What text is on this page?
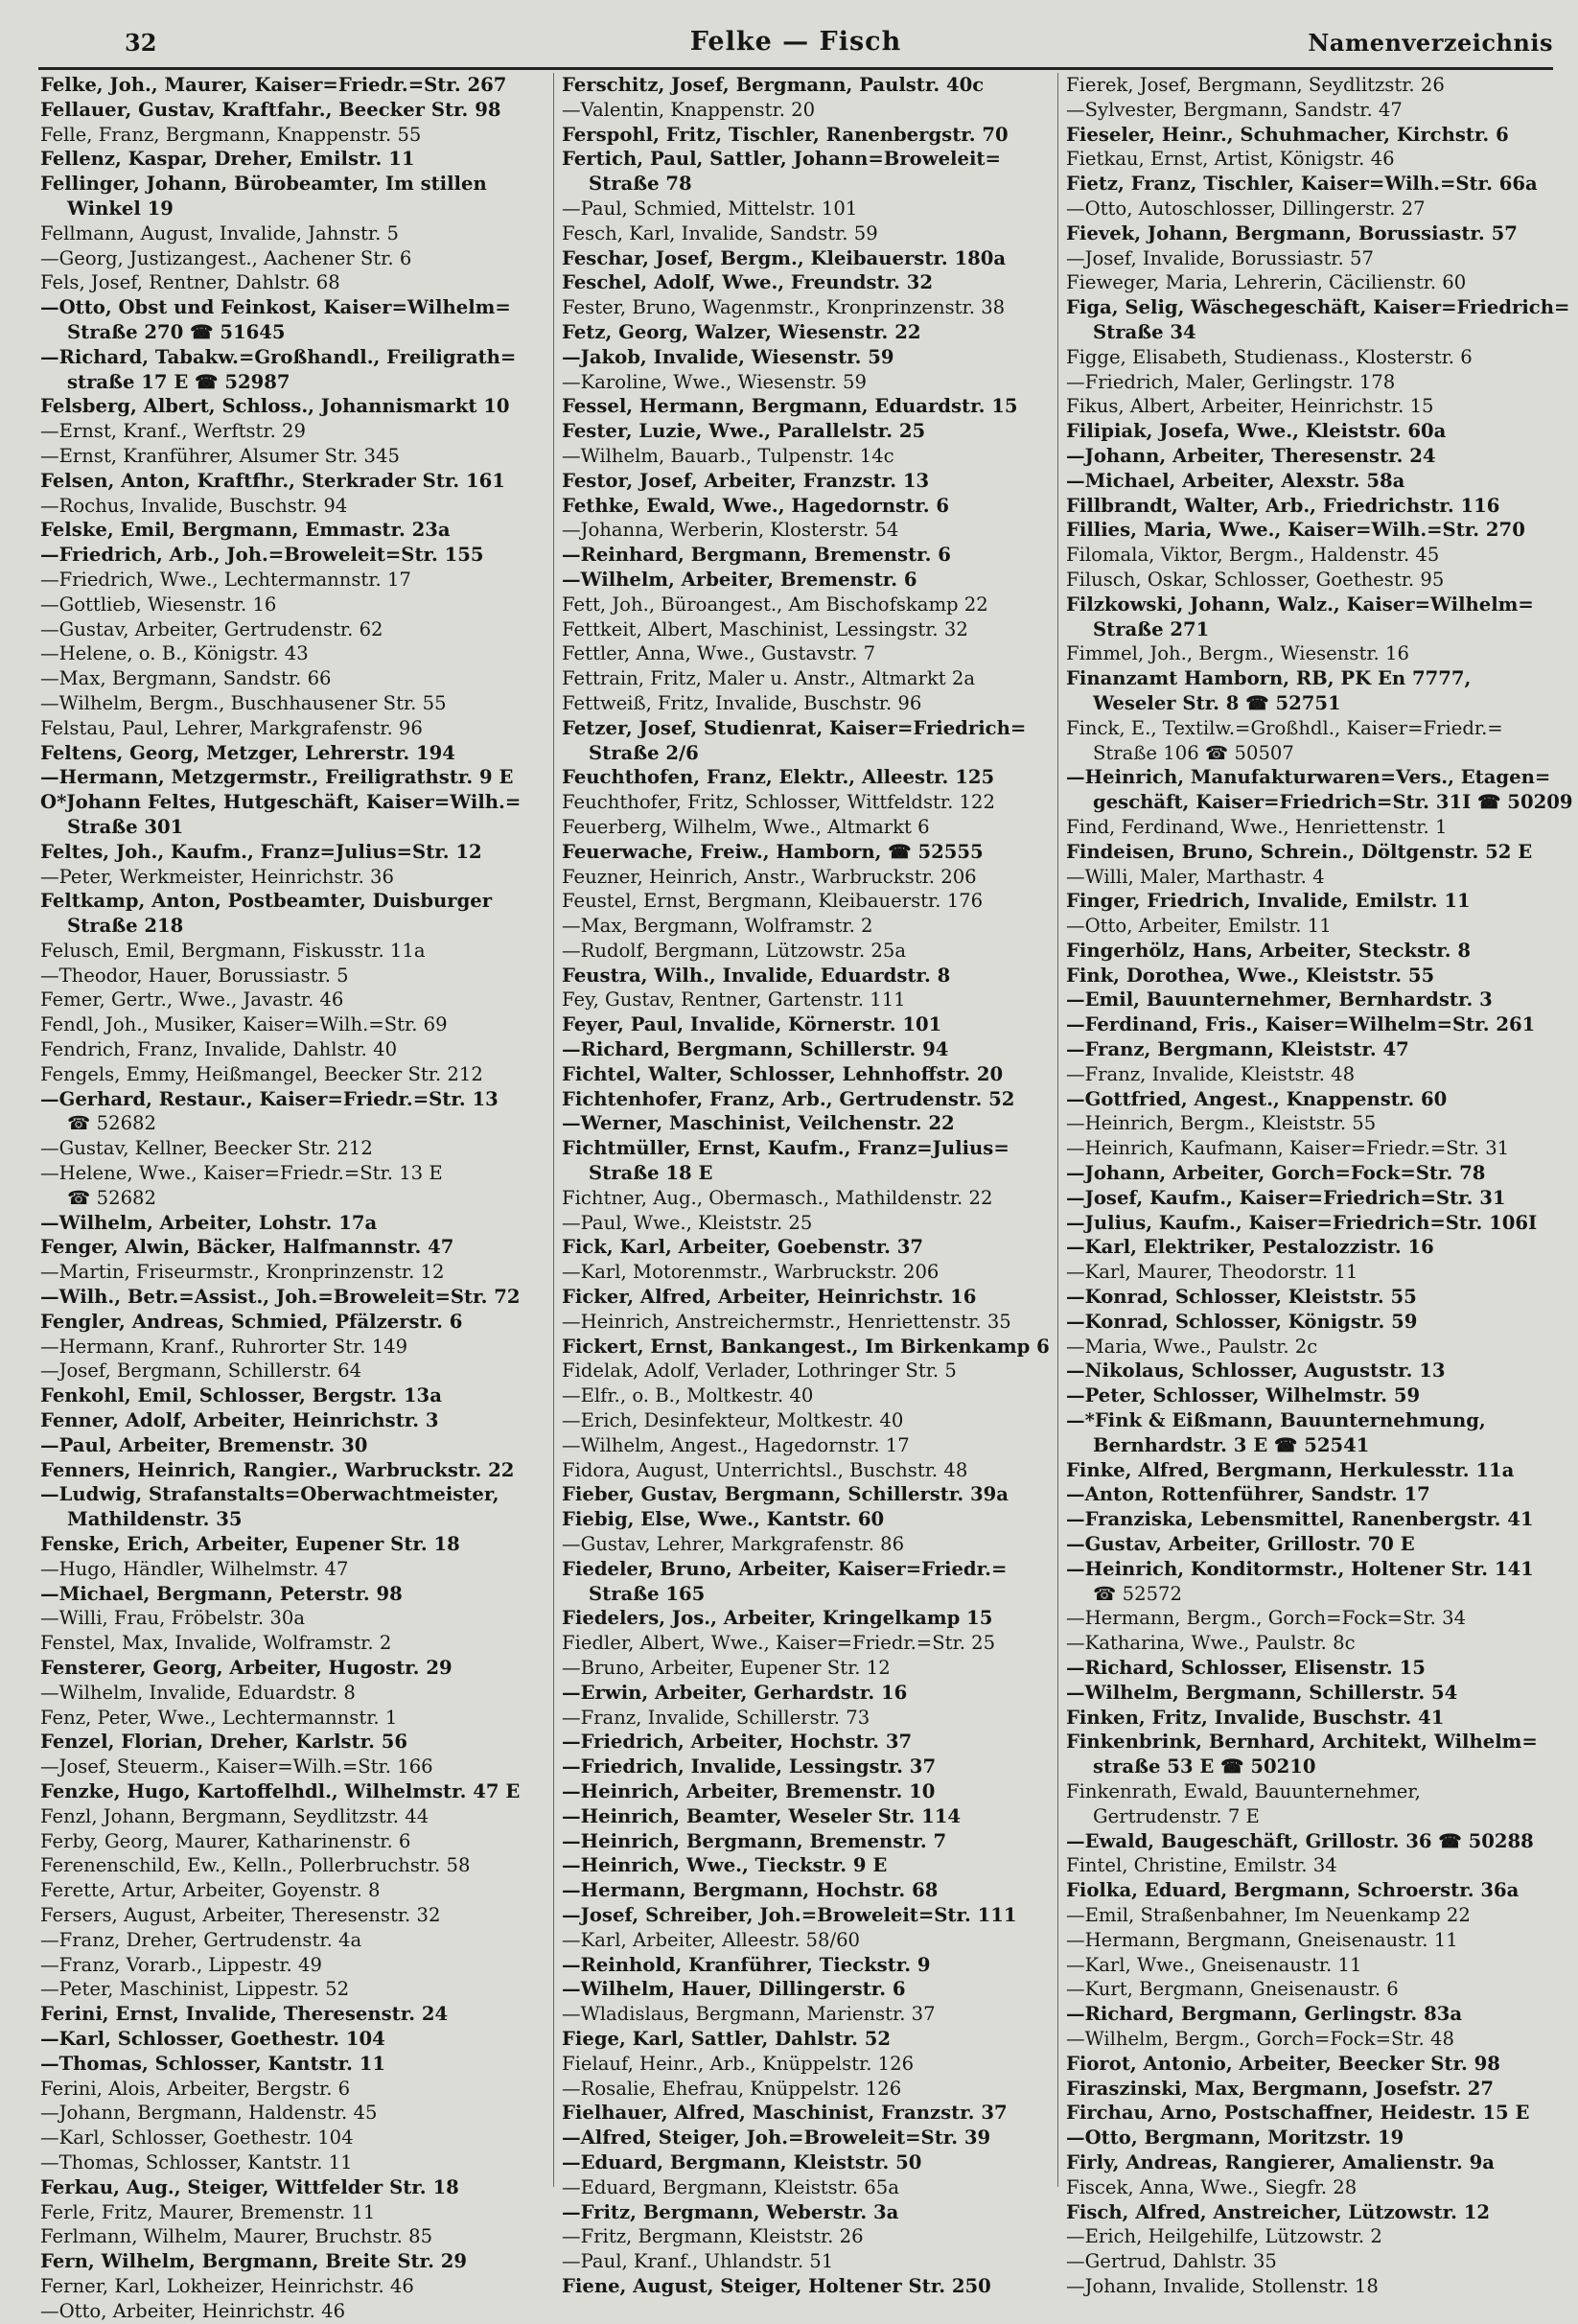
32	Felke — Fisch	Namenverzeichnis
Felke, Joh., Maurer, Kaiser=Friedr.=Str. 267
Fellauer, Gustav, Kraftfahr., Beecker Str. 98
Felle, Franz, Bergmann, Knappenstr. 55
Fellenz, Kaspar, Dreher, Emilstr. 11
Fellinger, Johann, Bürobeamter, Im stillen
Winkel 19
Fellmann, August, Invalide, Jahnstr. 5
—Georg, Justizangest., Aachener Str. 6
Fels, Josef, Rentner, Dahlstr. 68
—Otto, Obst und Feinkost, Kaiser=Wilhelm=
Straße 270 ☎ 51645
—Richard, Tabakw.=Großhandl., Freiligrath=
straße 17 E ☎ 52987
Felsberg, Albert, Schloss., Johannismarkt 10
—Ernst, Kranf., Werftstr. 29
—Ernst, Kranführer, Alsumer Str. 345
Felsen, Anton, Kraftfhr., Sterkrader Str. 161
—Rochus, Invalide, Buschstr. 94
Felske, Emil, Bergmann, Emmastr. 23a
—Friedrich, Arb., Joh.=Broweleit=Str. 155
—Friedrich, Wwe., Lechtermannstr. 17
—Gottlieb, Wiesenstr. 16
—Gustav, Arbeiter, Gertrudenstr. 62
—Helene, o. B., Königstr. 43
—Max, Bergmann, Sandstr. 66
—Wilhelm, Bergm., Buschhausener Str. 55
Felstau, Paul, Lehrer, Markgrafenstr. 96
Feltens, Georg, Metzger, Lehrerstr. 194
—Hermann, Metzgermstr., Freiligrathstr. 9 E
O*Johann Feltes, Hutgeschäft, Kaiser=Wilh.=
Straße 301
Feltes, Joh., Kaufm., Franz=Julius=Str. 12
—Peter, Werkmeister, Heinrichstr. 36
Feltkamp, Anton, Postbeamter, Duisburger
Straße 218
Felusch, Emil, Bergmann, Fiskusstr. 11a
—Theodor, Hauer, Borussiastr. 5
Femer, Gertr., Wwe., Javastr. 46
Fendl, Joh., Musiker, Kaiser=Wilh.=Str. 69
Fendrich, Franz, Invalide, Dahlstr. 40
Fengels, Emmy, Heißmangel, Beecker Str. 212
—Gerhard, Restaur., Kaiser=Friedr.=Str. 13
☎ 52682
—Gustav, Kellner, Beecker Str. 212
—Helene, Wwe., Kaiser=Friedr.=Str. 13 E
☎ 52682
—Wilhelm, Arbeiter, Lohstr. 17a
Fenger, Alwin, Bäcker, Halfmannstr. 47
—Martin, Friseurmstr., Kronprinzenstr. 12
—Wilh., Betr.=Assist., Joh.=Broweleit=Str. 72
Fengler, Andreas, Schmied, Pfälzerstr. 6
—Hermann, Kranf., Ruhrorter Str. 149
—Josef, Bergmann, Schillerstr. 64
Fenkohl, Emil, Schlosser, Bergstr. 13a
Fenner, Adolf, Arbeiter, Heinrichstr. 3
—Paul, Arbeiter, Bremenstr. 30
Fenners, Heinrich, Rangier., Warbruckstr. 22
—Ludwig, Strafanstalts=Oberwachtmeister,
Mathildenstr. 35
Fenske, Erich, Arbeiter, Eupener Str. 18
—Hugo, Händler, Wilhelmstr. 47
—Michael, Bergmann, Peterstr. 98
—Willi, Frau, Fröbelstr. 30a
Fenstel, Max, Invalide, Wolframstr. 2
Fensterer, Georg, Arbeiter, Hugostr. 29
—Wilhelm, Invalide, Eduardstr. 8
Fenz, Peter, Wwe., Lechtermannstr. 1
Fenzel, Florian, Dreher, Karlstr. 56
—Josef, Steuerm., Kaiser=Wilh.=Str. 166
Fenzke, Hugo, Kartoffelhdl., Wilhelmstr. 47 E
Fenzl, Johann, Bergmann, Seydlitzstr. 44
Ferby, Georg, Maurer, Katharinenstr. 6
Ferenenschild, Ew., Kelln., Pollerbruchstr. 58
Ferette, Artur, Arbeiter, Goyenstr. 8
Fersers, August, Arbeiter, Theresenstr. 32
—Franz, Dreher, Gertrudenstr. 4a
—Franz, Vorarb., Lippestr. 49
—Peter, Maschinist, Lippestr. 52
Ferini, Ernst, Invalide, Theresenstr. 24
—Karl, Schlosser, Goethestr. 104
—Thomas, Schlosser, Kantstr. 11
Ferini, Alois, Arbeiter, Bergstr. 6
—Johann, Bergmann, Haldenstr. 45
—Karl, Schlosser, Goethestr. 104
—Thomas, Schlosser, Kantstr. 11
Ferkau, Aug., Steiger, Wittfelder Str. 18
Ferle, Fritz, Maurer, Bremenstr. 11
Ferlmann, Wilhelm, Maurer, Bruchstr. 85
Fern, Wilhelm, Bergmann, Breite Str. 29
Ferner, Karl, Lokheizer, Heinrichstr. 46
—Otto, Arbeiter, Heinrichstr. 46
Ferschitz, Josef, Bergmann, Paulstr. 40c
—Valentin, Knappenstr. 20
Ferspohl, Fritz, Tischler, Ranenbergstr. 70
Fertich, Paul, Sattler, Johann=Broweleit=
Straße 78
—Paul, Schmied, Mittelstr. 101
Fesch, Karl, Invalide, Sandstr. 59
Feschar, Josef, Bergm., Kleibauerstr. 180a
Feschel, Adolf, Wwe., Freundstr. 32
Fester, Bruno, Wagenmstr., Kronprinzenstr. 38
Fetz, Georg, Walzer, Wiesenstr. 22
—Jakob, Invalide, Wiesenstr. 59
—Karoline, Wwe., Wiesenstr. 59
Fessel, Hermann, Bergmann, Eduardstr. 15
Fester, Luzie, Wwe., Parallelstr. 25
—Wilhelm, Bauarb., Tulpenstr. 14c
Festor, Josef, Arbeiter, Franzstr. 13
Fethke, Ewald, Wwe., Hagedornstr. 6
—Johanna, Werberin, Klosterstr. 54
—Reinhard, Bergmann, Bremenstr. 6
—Wilhelm, Arbeiter, Bremenstr. 6
Fett, Joh., Büroangest., Am Bischofskamp 22
Fettkeit, Albert, Maschinist, Lessingstr. 32
Fettler, Anna, Wwe., Gustavstr. 7
Fettrain, Fritz, Maler u. Anstr., Altmarkt 2a
Fettweiß, Fritz, Invalide, Buschstr. 96
Fetzer, Josef, Studienrat, Kaiser=Friedrich=
Straße 2/6
Feuchthofen, Franz, Elektr., Alleestr. 125
Feuchthofer, Fritz, Schlosser, Wittfeldstr. 122
Feuerberg, Wilhelm, Wwe., Altmarkt 6
Feuerwache, Freiw., Hamborn, ☎ 52555
Feuzner, Heinrich, Anstr., Warbruckstr. 206
Feustel, Ernst, Bergmann, Kleibauerstr. 176
—Max, Bergmann, Wolframstr. 2
—Rudolf, Bergmann, Lützowstr. 25a
Feustra, Wilh., Invalide, Eduardstr. 8
Fey, Gustav, Rentner, Gartenstr. 111
Feyer, Paul, Invalide, Körnerstr. 101
—Richard, Bergmann, Schillerstr. 94
Fichtel, Walter, Schlosser, Lehnhoffstr. 20
Fichtenhofer, Franz, Arb., Gertrudenstr. 52
—Werner, Maschinist, Veilchenstr. 22
Fichtmüller, Ernst, Kaufm., Franz=Julius=
Straße 18 E
Fichtner, Aug., Obermasch., Mathildenstr. 22
—Paul, Wwe., Kleiststr. 25
Fick, Karl, Arbeiter, Goebenstr. 37
—Karl, Motorenmstr., Warbruckstr. 206
Ficker, Alfred, Arbeiter, Heinrichstr. 16
—Heinrich, Anstreichermstr., Henriettenstr. 35
Fickert, Ernst, Bankangest., Im Birkenkamp 6
Fidelak, Adolf, Verlader, Lothringer Str. 5
—Elfr., o. B., Moltkestr. 40
—Erich, Desinfekteur, Moltkestr. 40
—Wilhelm, Angest., Hagedornstr. 17
Fidora, August, Unterrichtsl., Buschstr. 48
Fieber, Gustav, Bergmann, Schillerstr. 39a
Fiebig, Else, Wwe., Kantstr. 60
—Gustav, Lehrer, Markgrafenstr. 86
Fiedeler, Bruno, Arbeiter, Kaiser=Friedr.=
Straße 165
Fiedelers, Jos., Arbeiter, Kringelkamp 15
Fiedler, Albert, Wwe., Kaiser=Friedr.=Str. 25
—Bruno, Arbeiter, Eupener Str. 12
—Erwin, Arbeiter, Gerhardstr. 16
—Franz, Invalide, Schillerstr. 73
—Friedrich, Arbeiter, Hochstr. 37
—Friedrich, Invalide, Lessingstr. 37
—Heinrich, Arbeiter, Bremenstr. 10
—Heinrich, Beamter, Weseler Str. 114
—Heinrich, Bergmann, Bremenstr. 7
—Heinrich, Wwe., Tieckstr. 9 E
—Hermann, Bergmann, Hochstr. 68
—Josef, Schreiber, Joh.=Broweleit=Str. 111
—Karl, Arbeiter, Alleestr. 58/60
—Reinhold, Kranführer, Tieckstr. 9
—Wilhelm, Hauer, Dillingerstr. 6
—Wladislaus, Bergmann, Marienstr. 37
Fiege, Karl, Sattler, Dahlstr. 52
Fielauf, Heinr., Arb., Knüppelstr. 126
—Rosalie, Ehefrau, Knüppelstr. 126
Fielhauer, Alfred, Maschinist, Franzstr. 37
—Alfred, Steiger, Joh.=Broweleit=Str. 39
—Eduard, Bergmann, Kleiststr. 50
—Eduard, Bergmann, Kleiststr. 65a
—Fritz, Bergmann, Weberstr. 3a
—Fritz, Bergmann, Kleiststr. 26
—Paul, Kranf., Uhlandstr. 51
Fiene, August, Steiger, Holtener Str. 250
Fierek, Josef, Bergmann, Seydlitzstr. 26
—Sylvester, Bergmann, Sandstr. 47
Fieseler, Heinr., Schuhmacher, Kirchstr. 6
Fietkau, Ernst, Artist, Königstr. 46
Fietz, Franz, Tischler, Kaiser=Wilh.=Str. 66a
—Otto, Autoschlosser, Dillingerstr. 27
Fievek, Johann, Bergmann, Borussiastr. 57
—Josef, Invalide, Borussiastr. 57
Fieweger, Maria, Lehrerin, Cäcilienstr. 60
Figa, Selig, Wäschegeschäft, Kaiser=Friedrich=
Straße 34
Figge, Elisabeth, Studienass., Klosterstr. 6
—Friedrich, Maler, Gerlingstr. 178
Fikus, Albert, Arbeiter, Heinrichstr. 15
Filipiak, Josefa, Wwe., Kleiststr. 60a
—Johann, Arbeiter, Theresenstr. 24
—Michael, Arbeiter, Alexstr. 58a
Fillbrandt, Walter, Arb., Friedrichstr. 116
Fillies, Maria, Wwe., Kaiser=Wilh.=Str. 270
Filomala, Viktor, Bergm., Haldenstr. 45
Filusch, Oskar, Schlosser, Goethestr. 95
Filzkowski, Johann, Walz., Kaiser=Wilhelm=
Straße 271
Fimmel, Joh., Bergm., Wiesenstr. 16
Finanzamt Hamborn, RB, PK En 7777,
Weseler Str. 8 ☎ 52751
Finck, E., Textilw.=Großhdl., Kaiser=Friedr.=
Straße 106 ☎ 50507
—Heinrich, Manufakturwaren=Vers., Etagen=
geschäft, Kaiser=Friedrich=Str. 31I ☎ 50209
Find, Ferdinand, Wwe., Henriettenstr. 1
Findeisen, Bruno, Schrein., Döltgenstr. 52 E
—Willi, Maler, Marthastr. 4
Finger, Friedrich, Invalide, Emilstr. 11
—Otto, Arbeiter, Emilstr. 11
Fingerhölz, Hans, Arbeiter, Steckstr. 8
Fink, Dorothea, Wwe., Kleiststr. 55
—Emil, Bauunternehmer, Bernhardstr. 3
—Ferdinand, Fris., Kaiser=Wilhelm=Str. 261
—Franz, Bergmann, Kleiststr. 47
—Franz, Invalide, Kleiststr. 48
—Gottfried, Angest., Knappenstr. 60
—Heinrich, Bergm., Kleiststr. 55
—Heinrich, Kaufmann, Kaiser=Friedr.=Str. 31
—Johann, Arbeiter, Gorch=Fock=Str. 78
—Josef, Kaufm., Kaiser=Friedrich=Str. 31
—Julius, Kaufm., Kaiser=Friedrich=Str. 106I
—Karl, Elektriker, Pestalozzistr. 16
—Karl, Maurer, Theodorstr. 11
—Konrad, Schlosser, Kleiststr. 55
—Konrad, Schlosser, Königstr. 59
—Maria, Wwe., Paulstr. 2c
—Nikolaus, Schlosser, Auguststr. 13
—Peter, Schlosser, Wilhelmstr. 59
—*Fink & Eißmann, Bauunternehmung,
Bernhardstr. 3 E ☎ 52541
Finke, Alfred, Bergmann, Herkulesstr. 11a
—Anton, Rottenführer, Sandstr. 17
—Franziska, Lebensmittel, Ranenbergstr. 41
—Gustav, Arbeiter, Grillostr. 70 E
—Heinrich, Konditormstr., Holtener Str. 141
☎ 52572
—Hermann, Bergm., Gorch=Fock=Str. 34
—Katharina, Wwe., Paulstr. 8c
—Richard, Schlosser, Elisenstr. 15
—Wilhelm, Bergmann, Schillerstr. 54
Finken, Fritz, Invalide, Buschstr. 41
Finkenbrink, Bernhard, Architekt, Wilhelm=
straße 53 E ☎ 50210
Finkenrath, Ewald, Bauunternehmer,
Gertrudenstr. 7 E
—Ewald, Baugeschäft, Grillostr. 36 ☎ 50288
Fintel, Christine, Emilstr. 34
Fiolka, Eduard, Bergmann, Schroerstr. 36a
—Emil, Straßenbahner, Im Neuenkamp 22
—Hermann, Bergmann, Gneisenaustr. 11
—Karl, Wwe., Gneisenaustr. 11
—Kurt, Bergmann, Gneisenaustr. 6
—Richard, Bergmann, Gerlingstr. 83a
—Wilhelm, Bergm., Gorch=Fock=Str. 48
Fiorot, Antonio, Arbeiter, Beecker Str. 98
Firaszinski, Max, Bergmann, Josefstr. 27
Firchau, Arno, Postschaffner, Heidestr. 15 E
—Otto, Bergmann, Moritzstr. 19
Firly, Andreas, Rangierer, Amalienstr. 9a
Fiscek, Anna, Wwe., Siegfr. 28
Fisch, Alfred, Anstreicher, Lützowstr. 12
—Erich, Heilgehilfe, Lützowstr. 2
—Gertrud, Dahlstr. 35
—Johann, Invalide, Stollenstr. 18
